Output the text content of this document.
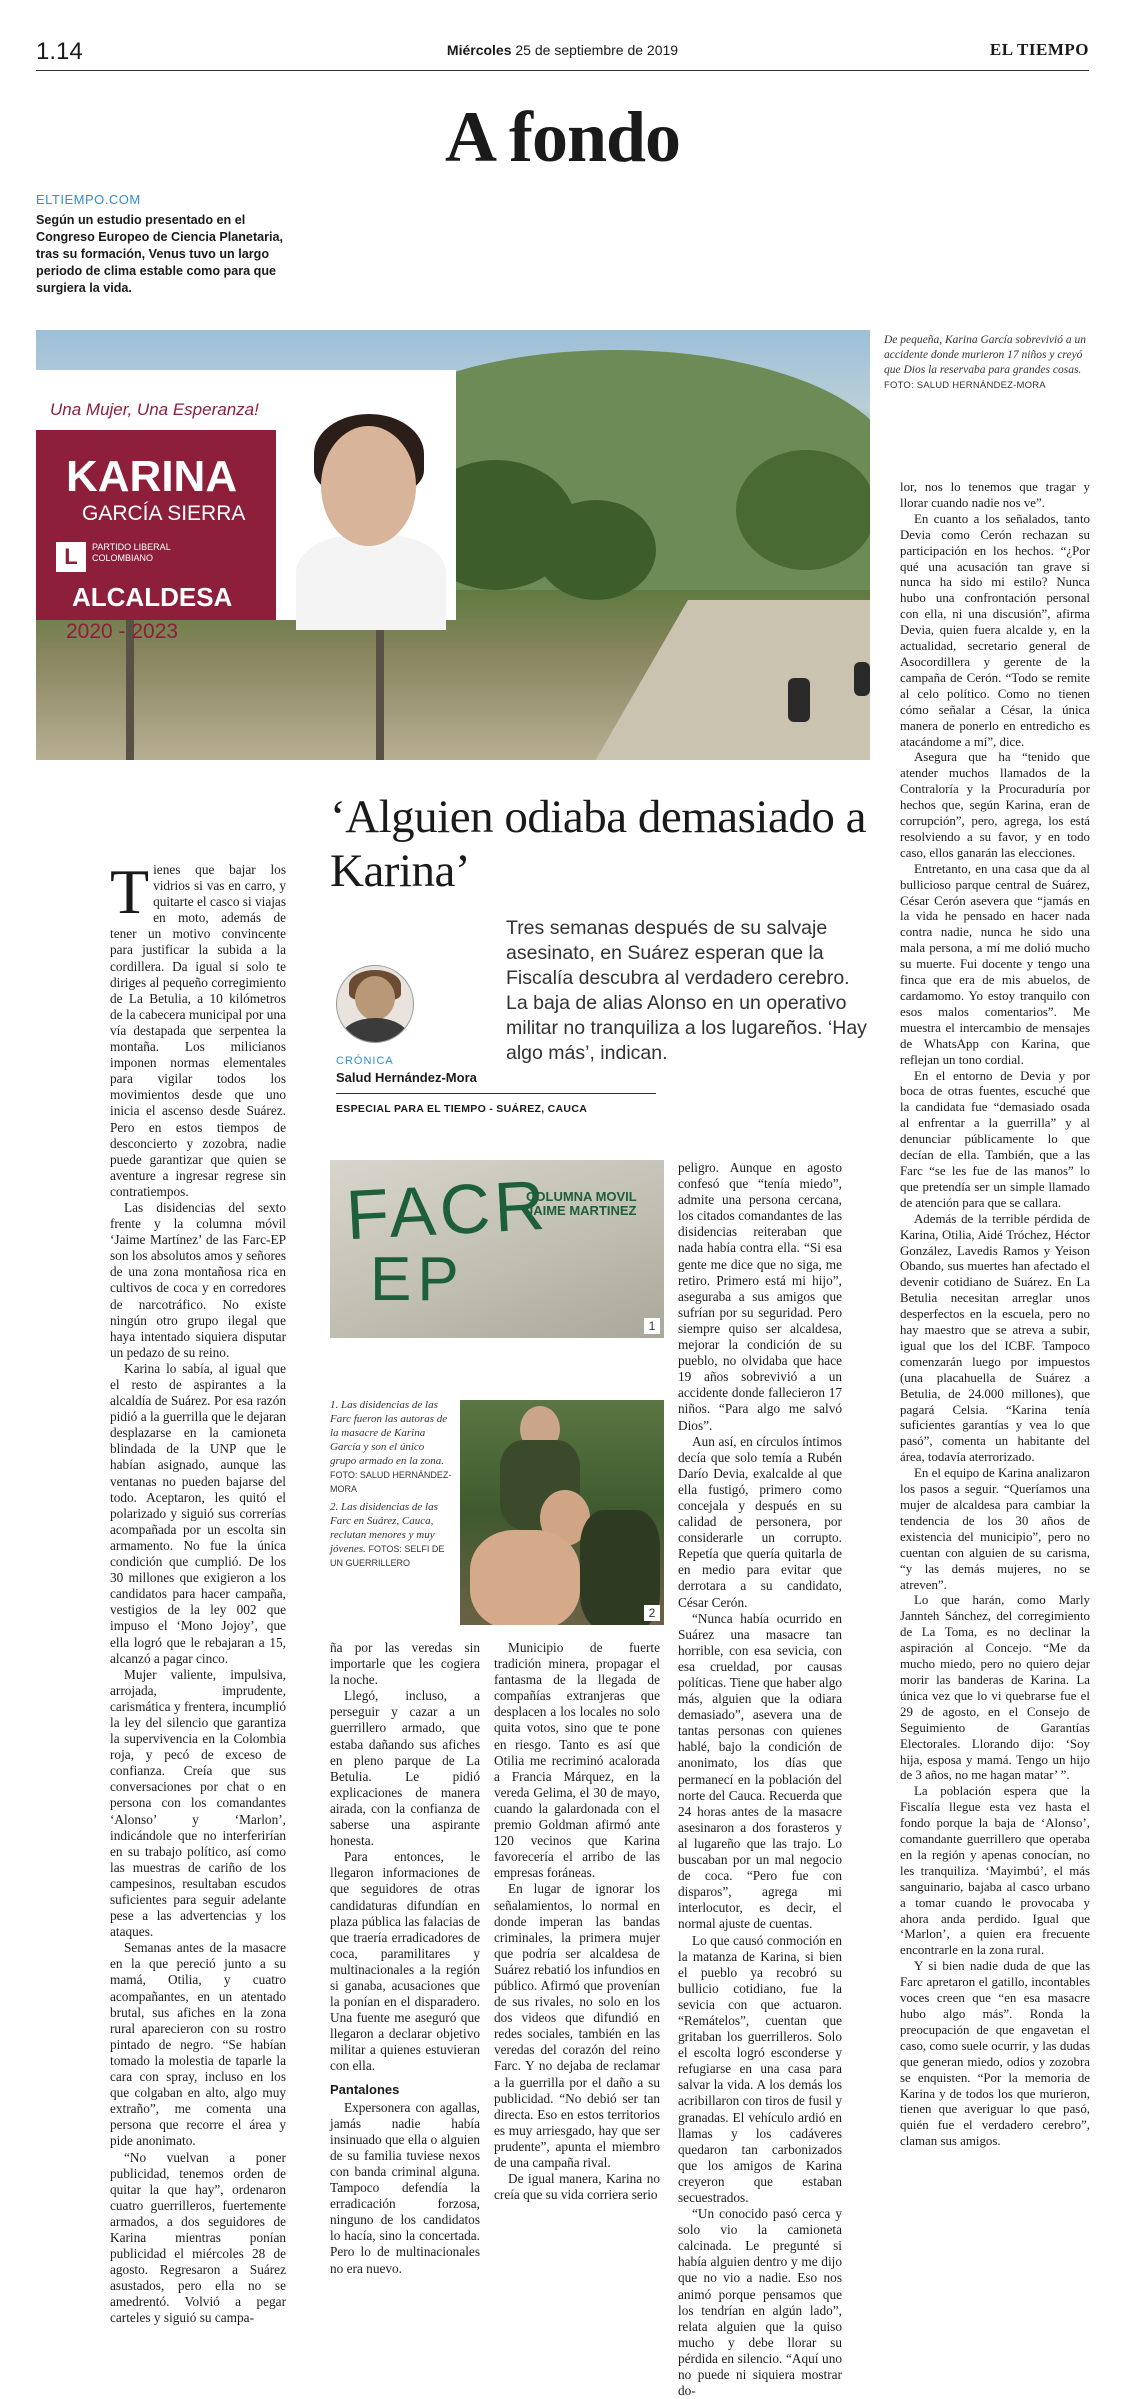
1.14	Miércoles 25 de septiembre de 2019	EL TIEMPO
A fondo
ELTIEMPO.COM
Según un estudio presentado en el Congreso Europeo de Ciencia Planetaria, tras su formación, Venus tuvo un largo periodo de clima estable como para que surgiera la vida.
Una Mujer, Una Esperanza!
KARINA
GARCÍA SIERRA
L	PARTIDO LIBERAL COLOMBIANO
ALCALDESA
2020 - 2023
De pequeña, Karina García sobrevivió a un accidente donde murieron 17 niños y creyó que Dios la reservaba para grandes cosas. FOTO: SALUD HERNÁNDEZ-MORA
‘Alguien odiaba demasiado a Karina’
Tres semanas después de su salvaje asesinato, en Suárez esperan que la Fiscalía descubra al verdadero cerebro. La baja de alias Alonso en un operativo militar no tranquiliza a los lugareños. ‘Hay algo más’, indican.
CRÓNICA
Salud Hernández-Mora
ESPECIAL PARA EL TIEMPO - SUÁREZ, CAUCA

Tienes que bajar los vidrios si vas en carro, y quitarte el casco si viajas en moto, además de tener un motivo convincente para justificar la subida a la cordillera. Da igual si solo te diriges al pequeño corregimiento de La Betulia, a 10 kilómetros de la cabecera municipal por una vía destapada que serpentea la montaña. Los milicianos imponen normas elementales para vigilar todos los movimientos desde que uno inicia el ascenso desde Suárez. Pero en estos tiempos de desconcierto y zozobra, nadie puede garantizar que quien se aventure a ingresar regrese sin contratiempos.

Las disidencias del sexto frente y la columna móvil ‘Jaime Martínez’ de las Farc-EP son los absolutos amos y señores de una zona montañosa rica en cultivos de coca y en corredores de narcotráfico. No existe ningún otro grupo ilegal que haya intentado siquiera disputar un pedazo de su reino.

Karina lo sabía, al igual que el resto de aspirantes a la alcaldía de Suárez. Por esa razón pidió a la guerrilla que le dejaran desplazarse en la camioneta blindada de la UNP que le habían asignado, aunque las ventanas no pueden bajarse del todo. Aceptaron, les quitó el polarizado y siguió sus correrías acompañada por un escolta sin armamento. No fue la única condición que cumplió. De los 30 millones que exigieron a los candidatos para hacer campaña, vestigios de la ley 002 que impuso el ‘Mono Jojoy’, que ella logró que le rebajaran a 15, alcanzó a pagar cinco.

Mujer valiente, impulsiva, arrojada, imprudente, carismática y frentera, incumplió la ley del silencio que garantiza la supervivencia en la Colombia roja, y pecó de exceso de confianza. Creía que sus conversaciones por chat o en persona con los comandantes ‘Alonso’ y ‘Marlon’, indicándole que no interferirían en su trabajo político, así como las muestras de cariño de los campesinos, resultaban escudos suficientes para seguir adelante pese a las advertencias y los ataques.

Semanas antes de la masacre en la que pereció junto a su mamá, Otilia, y cuatro acompañantes, en un atentado brutal, sus afiches en la zona rural aparecieron con su rostro pintado de negro. “Se habían tomado la molestia de taparle la cara con spray, incluso en los que colgaban en alto, algo muy extraño”, me comenta una persona que recorre el área y pide anonimato.

“No vuelvan a poner publicidad, tenemos orden de quitar la que hay”, ordenaron cuatro guerrilleros, fuertemente armados, a dos seguidores de Karina mientras ponían publicidad el miércoles 28 de agosto. Regresaron a Suárez asustados, pero ella no se amedrentó. Volvió a pegar carteles y siguió su campa-

FACR
EP
COLUMNA MOVIL JAIME MARTINEZ
1
1. Las disidencias de las Farc fueron las autoras de la masacre de Karina García y son el único grupo armado en la zona. FOTO: SALUD HERNÁNDEZ-MORA
2. Las disidencias de las Farc en Suárez, Cauca, reclutan menores y muy jóvenes. FOTOS: SELFI DE UN GUERRILLERO
2

ña por las veredas sin importarle que les cogiera la noche.

Llegó, incluso, a perseguir y cazar a un guerrillero armado, que estaba dañando sus afiches en pleno parque de La Betulia. Le pidió explicaciones de manera airada, con la confianza de saberse una aspirante honesta.

Para entonces, le llegaron informaciones de que seguidores de otras candidaturas difundían en plaza pública las falacias de que traería erradicadores de coca, paramilitares y multinacionales a la región si ganaba, acusaciones que la ponían en el disparadero. Una fuente me aseguró que llegaron a declarar objetivo militar a quienes estuvieran con ella.

Pantalones

Expersonera con agallas, jamás nadie había insinuado que ella o alguien de su familia tuviese nexos con banda criminal alguna. Tampoco defendía la erradicación forzosa, ninguno de los candidatos lo hacía, sino la concertada. Pero lo de multinacionales no era nuevo.

Municipio de fuerte tradición minera, propagar el fantasma de la llegada de compañías extranjeras que desplacen a los locales no solo quita votos, sino que te pone en riesgo. Tanto es así que Otilia me recriminó acalorada a Francia Márquez, en la vereda Gelima, el 30 de mayo, cuando la galardonada con el premio Goldman afirmó ante 120 vecinos que Karina favorecería el arribo de las empresas foráneas.

En lugar de ignorar los señalamientos, lo normal en donde imperan las bandas criminales, la primera mujer que podría ser alcaldesa de Suárez rebatió los infundios en público. Afirmó que provenían de sus rivales, no solo en los dos videos que difundió en redes sociales, también en las veredas del corazón del reino Farc. Y no dejaba de reclamar a la guerrilla por el daño a su publicidad. “No debió ser tan directa. Eso en estos territorios es muy arriesgado, hay que ser prudente”, apunta el miembro de una campaña rival.

De igual manera, Karina no creía que su vida corriera serio

peligro. Aunque en agosto confesó que “tenía miedo”, admite una persona cercana, los citados comandantes de las disidencias reiteraban que nada había contra ella. “Si esa gente me dice que no siga, me retiro. Primero está mi hijo”, aseguraba a sus amigos que sufrían por su seguridad. Pero siempre quiso ser alcaldesa, mejorar la condición de su pueblo, no olvidaba que hace 19 años sobrevivió a un accidente donde fallecieron 17 niños. “Para algo me salvó Dios”.

Aun así, en círculos íntimos decía que solo temía a Rubén Darío Devia, exalcalde al que ella fustigó, primero como concejala y después en su calidad de personera, por considerarle un corrupto. Repetía que quería quitarla de en medio para evitar que derrotara a su candidato, César Cerón.

“Nunca había ocurrido en Suárez una masacre tan horrible, con esa sevicia, con esa crueldad, por causas políticas. Tiene que haber algo más, alguien que la odiara demasiado”, asevera una de tantas personas con quienes hablé, bajo la condición de anonimato, los días que permanecí en la población del norte del Cauca. Recuerda que 24 horas antes de la masacre asesinaron a dos forasteros y al lugareño que las trajo. Lo buscaban por un mal negocio de coca. “Pero fue con disparos”, agrega mi interlocutor, es decir, el normal ajuste de cuentas.

Lo que causó conmoción en la matanza de Karina, si bien el pueblo ya recobró su bullicio cotidiano, fue la sevicia con que actuaron. “Remátelos”, cuentan que gritaban los guerrilleros. Solo el escolta logró esconderse y refugiarse en una casa para salvar la vida. A los demás los acribillaron con tiros de fusil y granadas. El vehículo ardió en llamas y los cadáveres quedaron tan carbonizados que los amigos de Karina creyeron que estaban secuestrados.

“Un conocido pasó cerca y solo vio la camioneta calcinada. Le pregunté si había alguien dentro y me dijo que no vio a nadie. Eso nos animó porque pensamos que los tendrían en algún lado”, relata alguien que la quiso mucho y debe llorar su pérdida en silencio. “Aquí uno no puede ni siquiera mostrar do-

lor, nos lo tenemos que tragar y llorar cuando nadie nos ve”.

En cuanto a los señalados, tanto Devia como Cerón rechazan su participación en los hechos. “¿Por qué una acusación tan grave si nunca ha sido mi estilo? Nunca hubo una confrontación personal con ella, ni una discusión”, afirma Devia, quien fuera alcalde y, en la actualidad, secretario general de Asocordillera y gerente de la campaña de Cerón. “Todo se remite al celo político. Como no tienen cómo señalar a César, la única manera de ponerlo en entredicho es atacándome a mí”, dice.

Asegura que ha “tenido que atender muchos llamados de la Contraloría y la Procuraduría por hechos que, según Karina, eran de corrupción”, pero, agrega, los está resolviendo a su favor, y en todo caso, ellos ganarán las elecciones.

Entretanto, en una casa que da al bullicioso parque central de Suárez, César Cerón asevera que “jamás en la vida he pensado en hacer nada contra nadie, nunca he sido una mala persona, a mí me dolió mucho su muerte. Fui docente y tengo una finca que era de mis abuelos, de cardamomo. Yo estoy tranquilo con esos malos comentarios”. Me muestra el intercambio de mensajes de WhatsApp con Karina, que reflejan un tono cordial.

En el entorno de Devia y por boca de otras fuentes, escuché que la candidata fue “demasiado osada al enfrentar a la guerrilla” y al denunciar públicamente lo que decían de ella. También, que a las Farc “se les fue de las manos” lo que pretendía ser un simple llamado de atención para que se callara.

Además de la terrible pérdida de Karina, Otilia, Aidé Tróchez, Héctor González, Lavedis Ramos y Yeison Obando, sus muertes han afectado el devenir cotidiano de Suárez. En La Betulia necesitan arreglar unos desperfectos en la escuela, pero no hay maestro que se atreva a subir, igual que los del ICBF. Tampoco comenzarán luego por impuestos (una placahuella de Suárez a Betulia, de 24.000 millones), que pagará Celsia. “Karina tenía suficientes garantías y vea lo que pasó”, comenta un habitante del área, todavía aterrorizado.

En el equipo de Karina analizaron los pasos a seguir. “Queríamos una mujer de alcaldesa para cambiar la tendencia de los 30 años de existencia del municipio”, pero no cuentan con alguien de su carisma, “y las demás mujeres, no se atreven”.

Lo que harán, como Marly Jannteh Sánchez, del corregimiento de La Toma, es no declinar la aspiración al Concejo. “Me da mucho miedo, pero no quiero dejar morir las banderas de Karina. La única vez que lo vi quebrarse fue el 29 de agosto, en el Consejo de Seguimiento de Garantías Electorales. Llorando dijo: ‘Soy hija, esposa y mamá. Tengo un hijo de 3 años, no me hagan matar’ ”.

La población espera que la Fiscalía llegue esta vez hasta el fondo porque la baja de ‘Alonso’, comandante guerrillero que operaba en la región y apenas conocían, no les tranquiliza. ‘Mayimbú’, el más sanguinario, bajaba al casco urbano a tomar cuando le provocaba y ahora anda perdido. Igual que ‘Marlon’, a quien era frecuente encontrarle en la zona rural.

Y si bien nadie duda de que las Farc apretaron el gatillo, incontables voces creen que “en esa masacre hubo algo más”. Ronda la preocupación de que engavetan el caso, como suele ocurrir, y las dudas que generan miedo, odios y zozobra se enquisten. “Por la memoria de Karina y de todos los que murieron, tienen que averiguar lo que pasó, quién fue el verdadero cerebro”, claman sus amigos.
